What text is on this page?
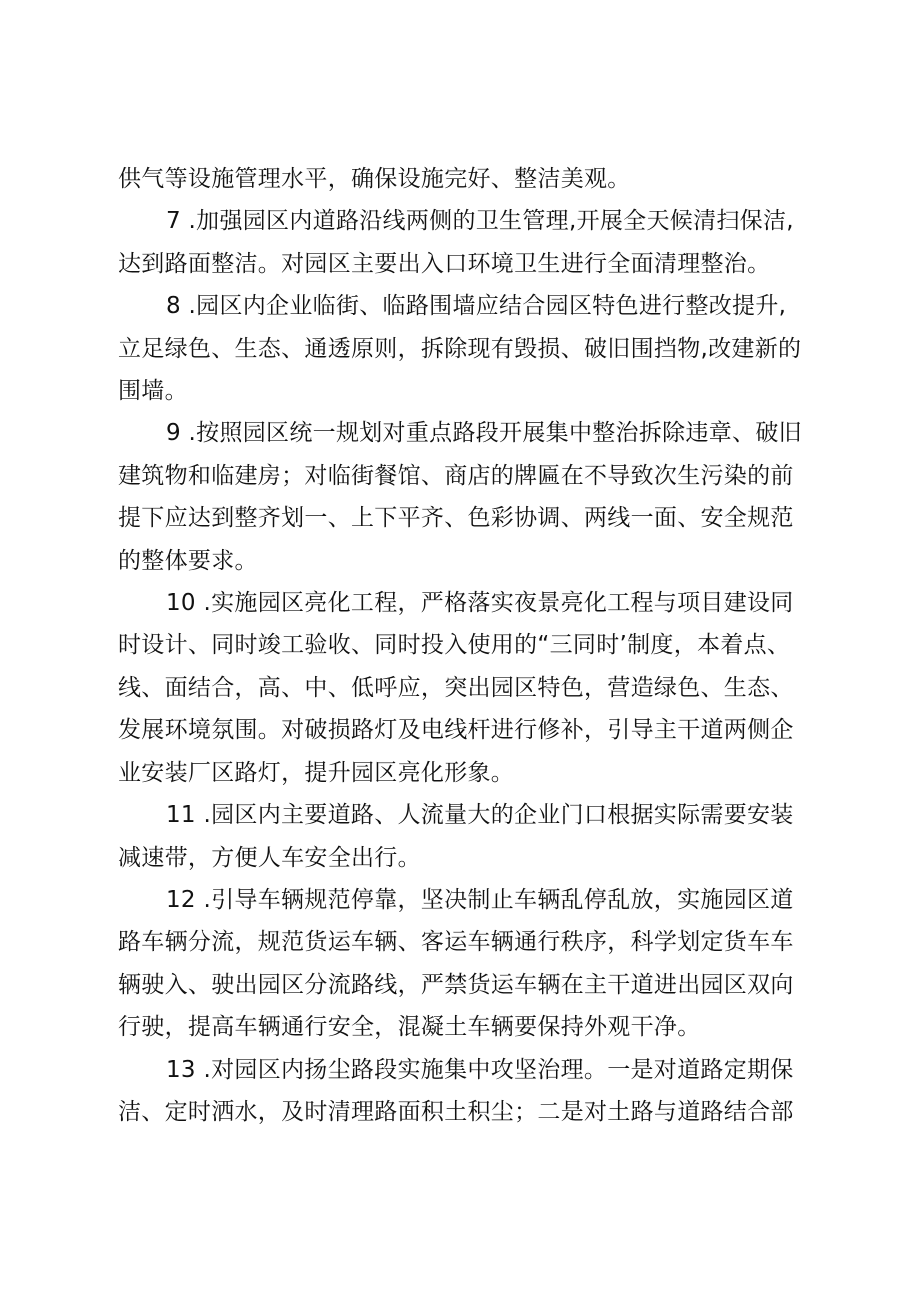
供气等设施管理水平，确保设施完好、整洁美观。

7 .加强园区内道路沿线两侧的卫生管理,开展全天候清扫保洁,
达到路面整洁。对园区主要出入口环境卫生进行全面清理整治。

8 .园区内企业临街、临路围墙应结合园区特色进行整改提升,
立足绿色、生态、通透原则，拆除现有毁损、破旧围挡物,改建新的
围墙。

9 .按照园区统一规划对重点路段开展集中整治拆除违章、破旧
建筑物和临建房；对临街餐馆、商店的牌匾在不导致次生污染的前
提下应达到整齐划一、上下平齐、色彩协调、两线一面、安全规范
的整体要求。

10 .实施园区亮化工程，严格落实夜景亮化工程与项目建设同
时设计、同时竣工验收、同时投入使用的“三同时’制度，本着点、
线、面结合，高、中、低呼应，突出园区特色，营造绿色、生态、
发展环境氛围。对破损路灯及电线杆进行修补，引导主干道两侧企
业安装厂区路灯，提升园区亮化形象。

11 .园区内主要道路、人流量大的企业门口根据实际需要安装
减速带，方便人车安全出行。

12 .引导车辆规范停靠，坚决制止车辆乱停乱放，实施园区道
路车辆分流，规范货运车辆、客运车辆通行秩序，科学划定货车车
辆驶入、驶出园区分流路线，严禁货运车辆在主干道进出园区双向
行驶，提高车辆通行安全，混凝土车辆要保持外观干净。

13 .对园区内扬尘路段实施集中攻坚治理。一是对道路定期保
洁、定时洒水，及时清理路面积土积尘；二是对土路与道路结合部
